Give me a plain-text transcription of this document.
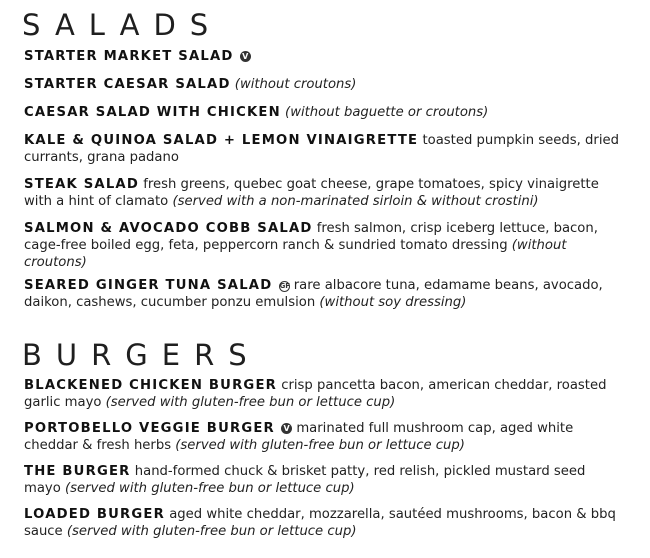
SALADS

STARTER MARKET SALAD V

STARTER CAESAR SALAD (without croutons)

CAESAR SALAD WITH CHICKEN (without baguette or croutons)

KALE & QUINOA SALAD + LEMON VINAIGRETTE toasted pumpkin seeds, dried currants, grana padano

STEAK SALAD fresh greens, quebec goat cheese, grape tomatoes, spicy vinaigrette with a hint of clamato (served with a non-marinated sirloin & without crostini)

SALMON & AVOCADO COBB SALAD fresh salmon, crisp iceberg lettuce, bacon, cage-free boiled egg, feta, peppercorn ranch & sundried tomato dressing (without croutons)

SEARED GINGER TUNA SALAD GF rare albacore tuna, edamame beans, avocado, daikon, cashews, cucumber ponzu emulsion (without soy dressing)

BURGERS

BLACKENED CHICKEN BURGER crisp pancetta bacon, american cheddar, roasted garlic mayo (served with gluten-free bun or lettuce cup)

PORTOBELLO VEGGIE BURGER V marinated full mushroom cap, aged white cheddar & fresh herbs (served with gluten-free bun or lettuce cup)

THE BURGER hand-formed chuck & brisket patty, red relish, pickled mustard seed mayo (served with gluten-free bun or lettuce cup)

LOADED BURGER aged white cheddar, mozzarella, sautéed mushrooms, bacon & bbq sauce (served with gluten-free bun or lettuce cup)
